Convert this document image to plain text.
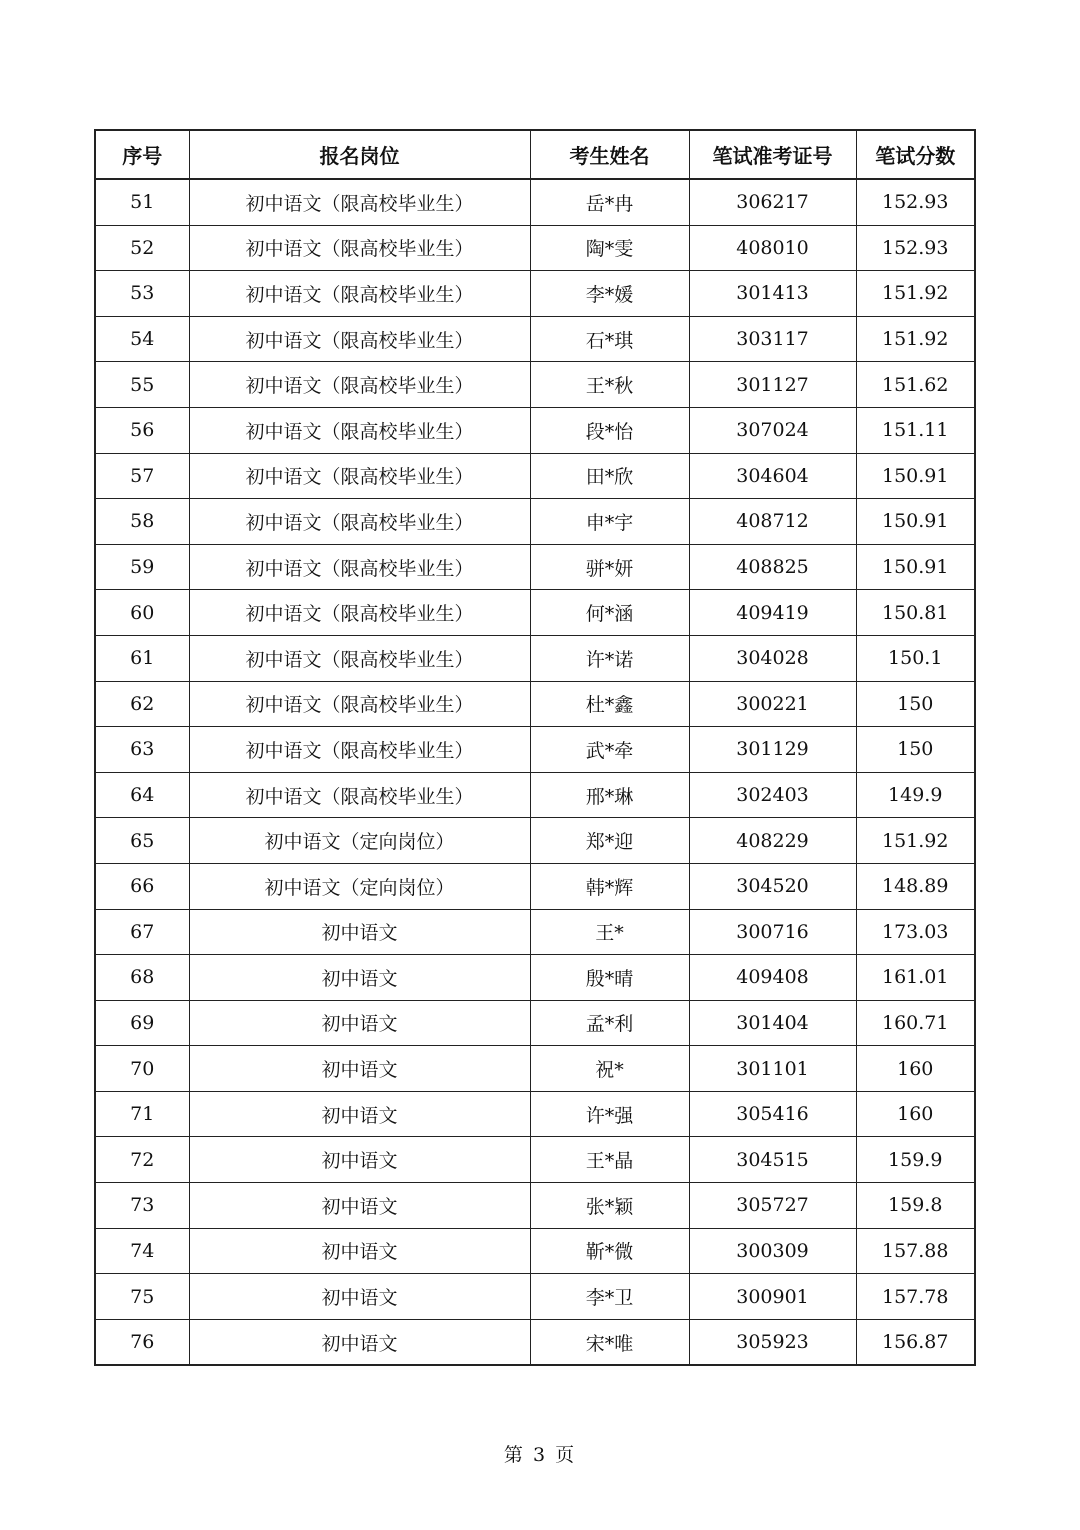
序号	报名岗位	考生姓名	笔试准考证号	笔试分数
51	初中语文（限高校毕业生）	岳*冉	306217	152.93
52	初中语文（限高校毕业生）	陶*雯	408010	152.93
53	初中语文（限高校毕业生）	李*媛	301413	151.92
54	初中语文（限高校毕业生）	石*琪	303117	151.92
55	初中语文（限高校毕业生）	王*秋	301127	151.62
56	初中语文（限高校毕业生）	段*怡	307024	151.11
57	初中语文（限高校毕业生）	田*欣	304604	150.91
58	初中语文（限高校毕业生）	申*宇	408712	150.91
59	初中语文（限高校毕业生）	骈*妍	408825	150.91
60	初中语文（限高校毕业生）	何*涵	409419	150.81
61	初中语文（限高校毕业生）	许*诺	304028	150.1
62	初中语文（限高校毕业生）	杜*鑫	300221	150
63	初中语文（限高校毕业生）	武*牵	301129	150
64	初中语文（限高校毕业生）	邢*琳	302403	149.9
65	初中语文（定向岗位）	郑*迎	408229	151.92
66	初中语文（定向岗位）	韩*辉	304520	148.89
67	初中语文	王*	300716	173.03
68	初中语文	殷*晴	409408	161.01
69	初中语文	孟*利	301404	160.71
70	初中语文	祝*	301101	160
71	初中语文	许*强	305416	160
72	初中语文	王*晶	304515	159.9
73	初中语文	张*颖	305727	159.8
74	初中语文	靳*微	300309	157.88
75	初中语文	李*卫	300901	157.78
76	初中语文	宋*唯	305923	156.87
第 3 页
